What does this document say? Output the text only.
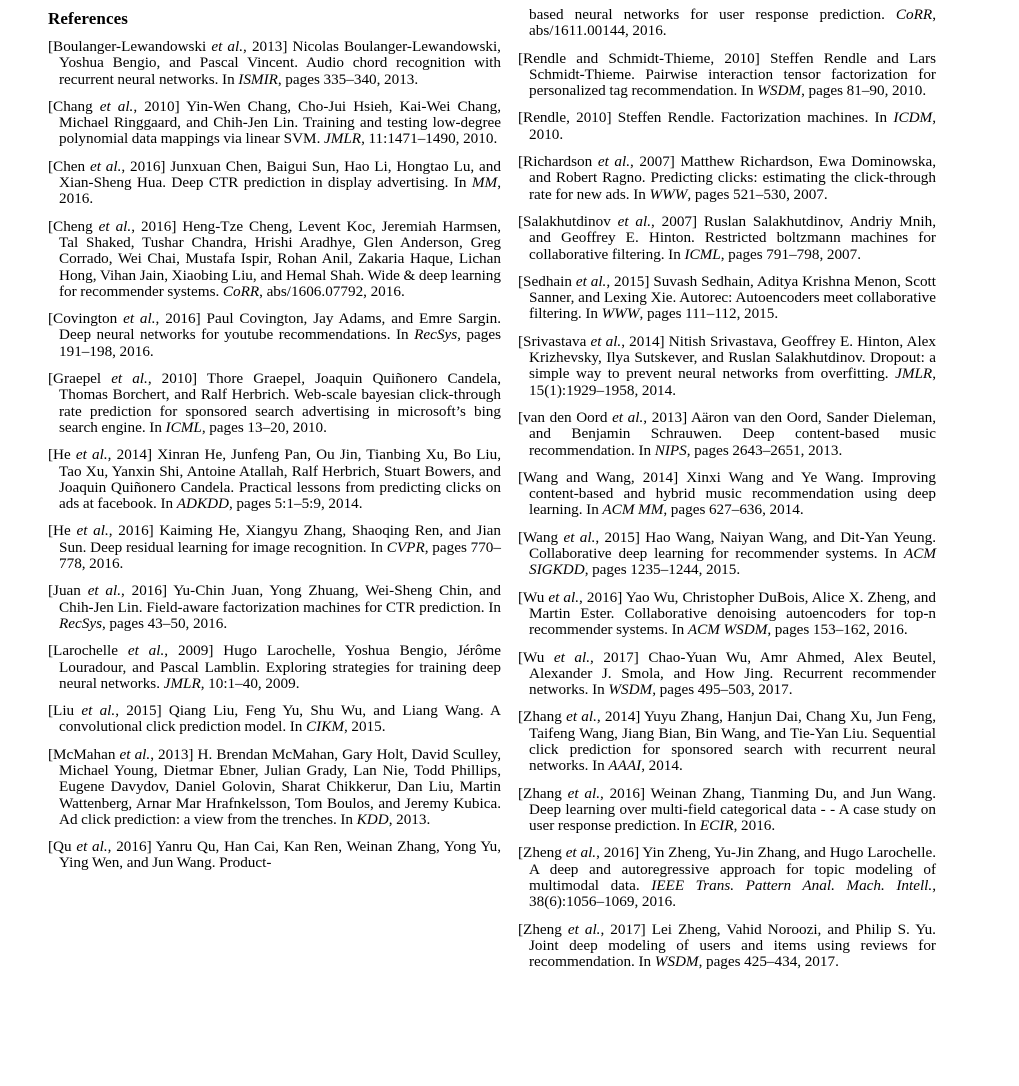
References

[Boulanger-Lewandowski et al., 2013] Nicolas Boulanger-Lewandowski, Yoshua Bengio, and Pascal Vincent. Audio chord recognition with recurrent neural networks. In ISMIR, pages 335–340, 2013.

[Chang et al., 2010] Yin-Wen Chang, Cho-Jui Hsieh, Kai-Wei Chang, Michael Ringgaard, and Chih-Jen Lin. Training and testing low-degree polynomial data mappings via linear SVM. JMLR, 11:1471–1490, 2010.

[Chen et al., 2016] Junxuan Chen, Baigui Sun, Hao Li, Hongtao Lu, and Xian-Sheng Hua. Deep CTR prediction in display advertising. In MM, 2016.

[Cheng et al., 2016] Heng-Tze Cheng, Levent Koc, Jeremiah Harmsen, Tal Shaked, Tushar Chandra, Hrishi Aradhye, Glen Anderson, Greg Corrado, Wei Chai, Mustafa Ispir, Rohan Anil, Zakaria Haque, Lichan Hong, Vihan Jain, Xiaobing Liu, and Hemal Shah. Wide & deep learning for recommender systems. CoRR, abs/1606.07792, 2016.

[Covington et al., 2016] Paul Covington, Jay Adams, and Emre Sargin. Deep neural networks for youtube recommendations. In RecSys, pages 191–198, 2016.

[Graepel et al., 2010] Thore Graepel, Joaquin Quiñonero Candela, Thomas Borchert, and Ralf Herbrich. Web-scale bayesian click-through rate prediction for sponsored search advertising in microsoft’s bing search engine. In ICML, pages 13–20, 2010.

[He et al., 2014] Xinran He, Junfeng Pan, Ou Jin, Tianbing Xu, Bo Liu, Tao Xu, Yanxin Shi, Antoine Atallah, Ralf Herbrich, Stuart Bowers, and Joaquin Quiñonero Candela. Practical lessons from predicting clicks on ads at facebook. In ADKDD, pages 5:1–5:9, 2014.

[He et al., 2016] Kaiming He, Xiangyu Zhang, Shaoqing Ren, and Jian Sun. Deep residual learning for image recognition. In CVPR, pages 770–778, 2016.

[Juan et al., 2016] Yu-Chin Juan, Yong Zhuang, Wei-Sheng Chin, and Chih-Jen Lin. Field-aware factorization machines for CTR prediction. In RecSys, pages 43–50, 2016.

[Larochelle et al., 2009] Hugo Larochelle, Yoshua Bengio, Jérôme Louradour, and Pascal Lamblin. Exploring strategies for training deep neural networks. JMLR, 10:1–40, 2009.

[Liu et al., 2015] Qiang Liu, Feng Yu, Shu Wu, and Liang Wang. A convolutional click prediction model. In CIKM, 2015.

[McMahan et al., 2013] H. Brendan McMahan, Gary Holt, David Sculley, Michael Young, Dietmar Ebner, Julian Grady, Lan Nie, Todd Phillips, Eugene Davydov, Daniel Golovin, Sharat Chikkerur, Dan Liu, Martin Wattenberg, Arnar Mar Hrafnkelsson, Tom Boulos, and Jeremy Kubica. Ad click prediction: a view from the trenches. In KDD, 2013.

[Qu et al., 2016] Yanru Qu, Han Cai, Kan Ren, Weinan Zhang, Yong Yu, Ying Wen, and Jun Wang. Product-

based neural networks for user response prediction. CoRR, abs/1611.00144, 2016.

[Rendle and Schmidt-Thieme, 2010] Steffen Rendle and Lars Schmidt-Thieme. Pairwise interaction tensor factorization for personalized tag recommendation. In WSDM, pages 81–90, 2010.

[Rendle, 2010] Steffen Rendle. Factorization machines. In ICDM, 2010.

[Richardson et al., 2007] Matthew Richardson, Ewa Dominowska, and Robert Ragno. Predicting clicks: estimating the click-through rate for new ads. In WWW, pages 521–530, 2007.

[Salakhutdinov et al., 2007] Ruslan Salakhutdinov, Andriy Mnih, and Geoffrey E. Hinton. Restricted boltzmann machines for collaborative filtering. In ICML, pages 791–798, 2007.

[Sedhain et al., 2015] Suvash Sedhain, Aditya Krishna Menon, Scott Sanner, and Lexing Xie. Autorec: Autoencoders meet collaborative filtering. In WWW, pages 111–112, 2015.

[Srivastava et al., 2014] Nitish Srivastava, Geoffrey E. Hinton, Alex Krizhevsky, Ilya Sutskever, and Ruslan Salakhutdinov. Dropout: a simple way to prevent neural networks from overfitting. JMLR, 15(1):1929–1958, 2014.

[van den Oord et al., 2013] Aäron van den Oord, Sander Dieleman, and Benjamin Schrauwen. Deep content-based music recommendation. In NIPS, pages 2643–2651, 2013.

[Wang and Wang, 2014] Xinxi Wang and Ye Wang. Improving content-based and hybrid music recommendation using deep learning. In ACM MM, pages 627–636, 2014.

[Wang et al., 2015] Hao Wang, Naiyan Wang, and Dit-Yan Yeung. Collaborative deep learning for recommender systems. In ACM SIGKDD, pages 1235–1244, 2015.

[Wu et al., 2016] Yao Wu, Christopher DuBois, Alice X. Zheng, and Martin Ester. Collaborative denoising autoencoders for top-n recommender systems. In ACM WSDM, pages 153–162, 2016.

[Wu et al., 2017] Chao-Yuan Wu, Amr Ahmed, Alex Beutel, Alexander J. Smola, and How Jing. Recurrent recommender networks. In WSDM, pages 495–503, 2017.

[Zhang et al., 2014] Yuyu Zhang, Hanjun Dai, Chang Xu, Jun Feng, Taifeng Wang, Jiang Bian, Bin Wang, and Tie-Yan Liu. Sequential click prediction for sponsored search with recurrent neural networks. In AAAI, 2014.

[Zhang et al., 2016] Weinan Zhang, Tianming Du, and Jun Wang. Deep learning over multi-field categorical data - - A case study on user response prediction. In ECIR, 2016.

[Zheng et al., 2016] Yin Zheng, Yu-Jin Zhang, and Hugo Larochelle. A deep and autoregressive approach for topic modeling of multimodal data. IEEE Trans. Pattern Anal. Mach. Intell., 38(6):1056–1069, 2016.

[Zheng et al., 2017] Lei Zheng, Vahid Noroozi, and Philip S. Yu. Joint deep modeling of users and items using reviews for recommendation. In WSDM, pages 425–434, 2017.
